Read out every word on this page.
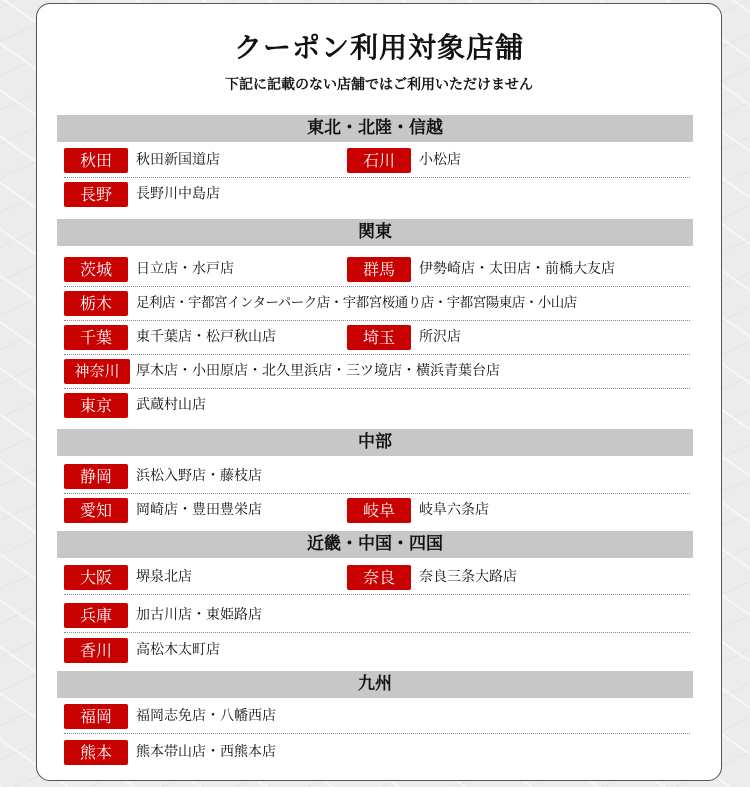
クーポン利用対象店舗
下記に記載のない店舗ではご利用いただけません
東北・北陸・信越
秋田	秋田新国道店	石川	小松店
長野	長野川中島店
関東
茨城	日立店・水戸店	群馬	伊勢崎店・太田店・前橋大友店
栃木	足利店・宇都宮インターパーク店・宇都宮桜通り店・宇都宮陽東店・小山店
千葉	東千葉店・松戸秋山店	埼玉	所沢店
神奈川	厚木店・小田原店・北久里浜店・三ツ境店・横浜青葉台店
東京	武蔵村山店
中部
静岡	浜松入野店・藤枝店
愛知	岡崎店・豊田豊栄店	岐阜	岐阜六条店
近畿・中国・四国
大阪	堺泉北店	奈良	奈良三条大路店
兵庫	加古川店・東姫路店
香川	高松木太町店
九州
福岡	福岡志免店・八幡西店
熊本	熊本帯山店・西熊本店
